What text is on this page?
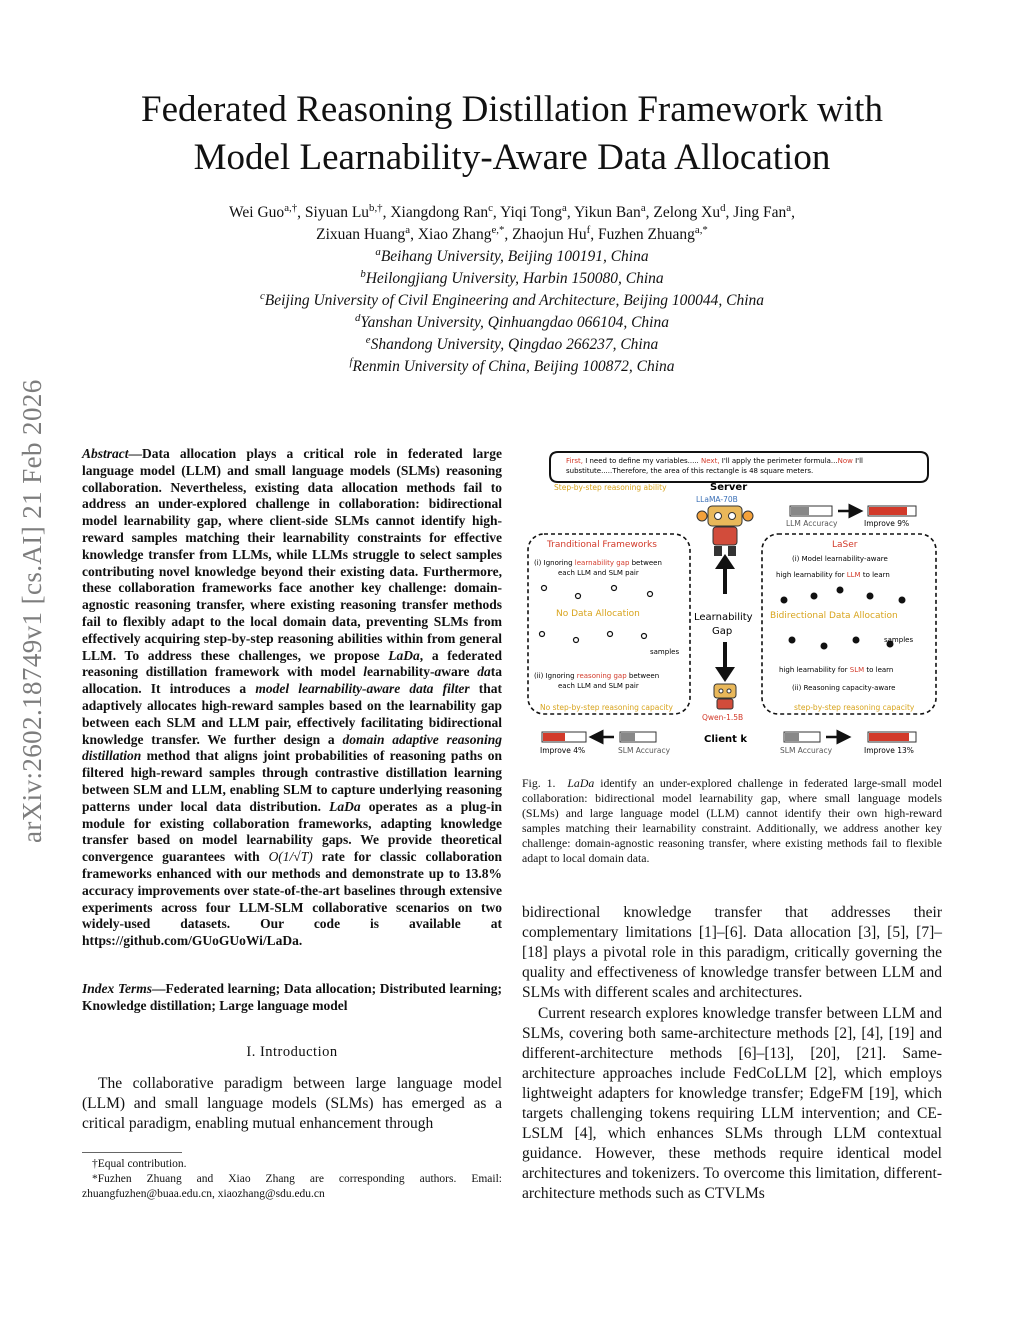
arXiv:2602.18749v1 [cs.AI] 21 Feb 2026
Federated Reasoning Distillation Framework with
Model Learnability-Aware Data Allocation
Wei Guo$^{a,\dagger}$, Siyuan $Lu^{b,\dagger}$, Xiangdong Ran$^c$, Yiqi Tong$^a$, Yikun Ban$^a$, Zelong Xu$^d$, Jing Fan$^a$,
Zixuan Huang$^a$, Xiao Zhang$^{e,*}$, Zhaojun Hu$^f$, Fuzhen Zhuang$^{a,*}$
$^a$Beihang University, Beijing 100191, China
$^b$Heilongjiang University, Harbin 150080, China
$^c$Beijing University of Civil Engineering and Architecture, Beijing 100044, China
$^d$Yanshan University, Qinhuangdao 066104, China
$^e$Shandong University, Qingdao 266237, China
$^f$Renmin University of China, Beijing 100872, China
Abstract—Data allocation plays a critical role in federated large language model (LLM) and small language models (SLMs) reasoning collaboration. Nevertheless, existing data allocation methods fail to address an under-explored challenge in collaboration: bidirectional model learnability gap, where client-side SLMs cannot identify high-reward samples matching their learnability constraints for effective knowledge transfer from LLMs, while LLMs struggle to select samples contributing novel knowledge beyond their existing data. Furthermore, these collaboration frameworks face another key challenge: domain-agnostic reasoning transfer, where existing reasoning transfer methods fail to flexibly adapt to the local domain data, preventing SLMs from effectively acquiring step-by-step reasoning abilities within from general LLM. To address these challenges, we propose LaDa, a federated reasoning distillation framework with model learnability-aware data allocation. It introduces a model learnability-aware data filter that adaptively allocates high-reward samples based on the learnability gap between each SLM and LLM pair, effectively facilitating bidirectional knowledge transfer. We further design a domain adaptive reasoning distillation method that aligns joint probabilities of reasoning paths on filtered high-reward samples through contrastive distillation learning between SLM and LLM, enabling SLM to capture underlying reasoning patterns under local data distribution. LaDa operates as a plug-in module for existing collaboration frameworks, adapting knowledge transfer based on model learnability gaps. We provide theoretical convergence guarantees with O(1/√T) rate for classic collaboration frameworks enhanced with our methods and demonstrate up to 13.8% accuracy improvements over state-of-the-art baselines through extensive experiments across four LLM-SLM collaborative scenarios on two widely-used datasets. Our code is available at https://github.com/GUoGUoWi/LaDa.
Index Terms—Federated learning; Data allocation; Distributed learning; Knowledge distillation; Large language model
I. Introduction
The collaborative paradigm between large language model (LLM) and small language models (SLMs) has emerged as a critical paradigm, enabling mutual enhancement through
†Equal contribution.
*Fuzhen Zhuang and Xiao Zhang are corresponding authors. Email: zhuangfuzhen@buaa.edu.cn, xiaozhang@sdu.edu.cn
First, I need to define my variables..... Next, I'll apply the perimeter formula...Now I'll
substitute.....Therefore, the area of this rectangle is 48 square meters.
Step-by-step reasoning ability	Server
LLaMA-70B
LLM Accuracy	Improve 9%
Tranditional Frameworks
(i) Ignoring learnability gap between
each LLM and SLM pair
No Data Allocation
samples
(ii) Ignoring reasoning gap between
each LLM and SLM pair
No step-by-step reasoning capacity
Learnability
Gap
LaSer
(i) Model learnability-aware
high learnability for LLM to learn
Bidirectional Data Allocation
samples
high learnability for SLM to learn
(ii) Reasoning capacity-aware
step-by-step reasoning capacity
Qwen-1.5B
Client k
Improve 4%	SLM Accuracy	SLM Accuracy	Improve 13%
Fig. 1. LaDa identify an under-explored challenge in federated large-small model collaboration: bidirectional model learnability gap, where small language models (SLMs) and large language model (LLM) cannot identify their own high-reward samples matching their learnability constraint. Additionally, we address another key challenge: domain-agnostic reasoning transfer, where existing methods fail to flexible adapt to local domain data.
bidirectional knowledge transfer that addresses their complementary limitations [1]–[6]. Data allocation [3], [5], [7]–[18] plays a pivotal role in this paradigm, critically governing the quality and effectiveness of knowledge transfer between LLM and SLMs with different scales and architectures.
Current research explores knowledge transfer between LLM and SLMs, covering both same-architecture methods [2], [4], [19] and different-architecture methods [6]–[13], [20], [21]. Same-architecture approaches include FedCoLLM [2], which employs lightweight adapters for knowledge transfer; EdgeFM [19], which targets challenging tokens requiring LLM intervention; and CE-LSLM [4], which enhances SLMs through LLM contextual guidance. However, these methods require identical model architectures and tokenizers. To overcome this limitation, different-architecture methods such as CTVLMs
